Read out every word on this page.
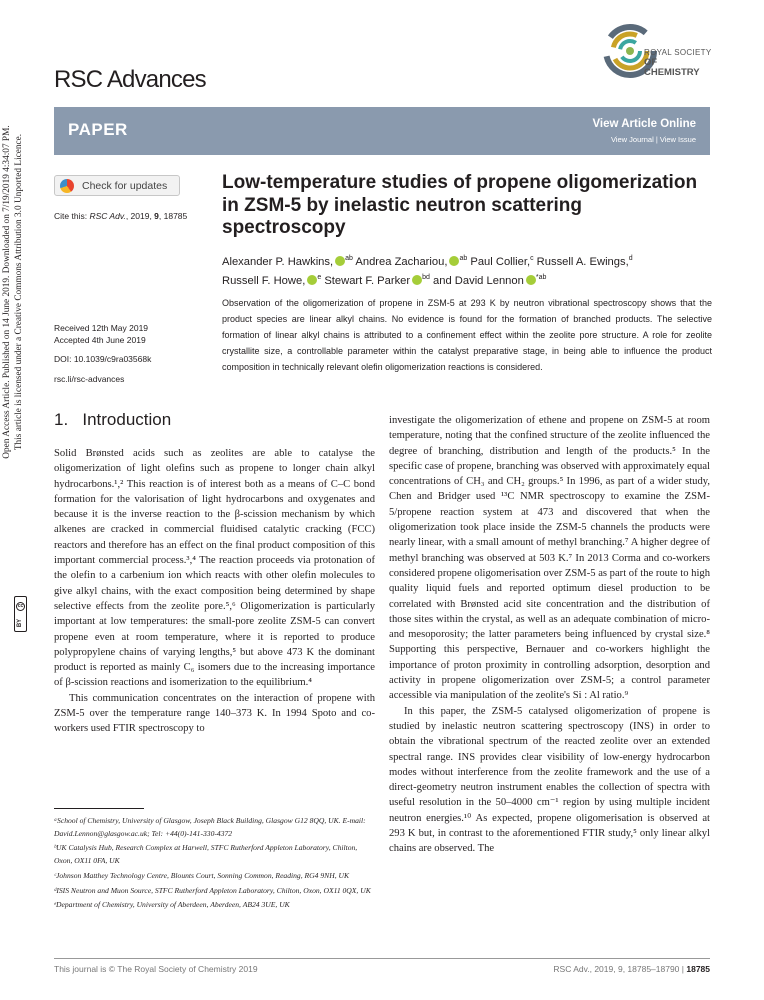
Open Access Article. Published on 14 June 2019. Downloaded on 7/19/2019 4:34:07 PM. This article is licensed under a Creative Commons Attribution 3.0 Unported Licence.
cc
BY
ROYAL SOCIETY
OF CHEMISTRY
RSC Advances
PAPER	View Article Online
View Journal | View Issue
Check for updates
Cite this: RSC Adv., 2019, 9, 18785
Received 12th May 2019
Accepted 4th June 2019
DOI: 10.1039/c9ra03568k
rsc.li/rsc-advances
Low-temperature studies of propene oligomerization in ZSM-5 by inelastic neutron scattering spectroscopy
Alexander P. Hawkins, $^{ab}$ Andrea Zachariou, $^{ab}$ Paul Collier,$^c$ Russell A. Ewings,$^d$
Russell F. Howe, $^e$ Stewart F. Parker $^{bd}$ and David Lennon $^{*ab}$
Observation of the oligomerization of propene in ZSM-5 at 293 K by neutron vibrational spectroscopy shows that the product species are linear alkyl chains. No evidence is found for the formation of branched products. The selective formation of linear alkyl chains is attributed to a confinement effect within the zeolite pore structure. A role for zeolite crystallite size, a controllable parameter within the catalyst preparative stage, in being able to influence the product composition in technically relevant olefin oligomerization reactions is considered.
1. Introduction

Solid Brønsted acids such as zeolites are able to catalyse the oligomerization of light olefins such as propene to longer chain alkyl hydrocarbons.¹,² This reaction is of interest both as a means of C–C bond formation for the valorisation of light hydrocarbons and oxygenates and because it is the inverse reaction to the β-scission mechanism by which alkenes are cracked in commercial fluidised catalytic cracking (FCC) reactors and therefore has an effect on the final product composition of this important commercial process.³,⁴ The reaction proceeds via protonation of the olefin to a carbenium ion which reacts with other olefin molecules to give alkyl chains, with the exact composition being determined by shape selective effects from the zeolite pore.⁵,⁶ Oligomerization is particularly important at low temperatures: the small-pore zeolite ZSM-5 can convert propene even at room temperature, where it is reported to produce polypropylene chains of varying lengths,⁵ but above 473 K the dominant product is reported as mainly C₆ isomers due to the increasing importance of β-scission reactions and isomerization to the equilibrium.⁴

This communication concentrates on the interaction of propene with ZSM-5 over the temperature range 140–373 K. In 1994 Spoto and co-workers used FTIR spectroscopy to

investigate the oligomerization of ethene and propene on ZSM-5 at room temperature, noting that the confined structure of the zeolite influenced the degree of branching, distribution and length of the products.⁵ In the specific case of propene, branching was observed with approximately equal concentrations of CH₃ and CH₂ groups.⁵ In 1996, as part of a wider study, Chen and Bridger used ¹³C NMR spectroscopy to examine the ZSM-5/propene reaction system at 473 and discovered that when the oligomerization took place inside the ZSM-5 channels the products were nearly linear, with a small amount of methyl branching.⁷ A higher degree of methyl branching was observed at 503 K.⁷ In 2013 Corma and co-workers considered propene oligomerisation over ZSM-5 as part of the route to high quality liquid fuels and reported optimum diesel production to be correlated with Brønsted acid site concentration and the distribution of those sites within the crystal, as well as an adequate combination of micro- and mesoporosity; the latter parameters being influenced by crystal size.⁸ Supporting this perspective, Bernauer and co-workers highlight the importance of proton proximity in controlling adsorption, desorption and activity in propene oligomerization over ZSM-5; a control parameter accessible via manipulation of the zeolite's Si : Al ratio.⁹

In this paper, the ZSM-5 catalysed oligomerization of propene is studied by inelastic neutron scattering spectroscopy (INS) in order to obtain the vibrational spectrum of the reacted zeolite over an extended spectral range. INS provides clear visibility of low-energy hydrocarbon modes without interference from the zeolite framework and the use of a direct-geometry neutron instrument enables the collection of spectra with useful resolution in the 50–4000 cm⁻¹ region by using multiple incident neutron energies.¹⁰ As expected, propene oligomerisation is observed at 293 K but, in contrast to the aforementioned FTIR study,⁵ only linear alkyl chains are observed. The

ᵃSchool of Chemistry, University of Glasgow, Joseph Black Building, Glasgow G12 8QQ, UK. E-mail: David.Lennon@glasgow.ac.uk; Tel: +44(0)-141-330-4372

ᵇUK Catalysis Hub, Research Complex at Harwell, STFC Rutherford Appleton Laboratory, Chilton, Oxon, OX11 0FA, UK

ᶜJohnson Matthey Technology Centre, Blounts Court, Sonning Common, Reading, RG4 9NH, UK

ᵈISIS Neutron and Muon Source, STFC Rutherford Appleton Laboratory, Chilton, Oxon, OX11 0QX, UK

ᵉDepartment of Chemistry, University of Aberdeen, Aberdeen, AB24 3UE, UK

This journal is © The Royal Society of Chemistry 2019	RSC Adv., 2019, 9, 18785–18790 | 18785
